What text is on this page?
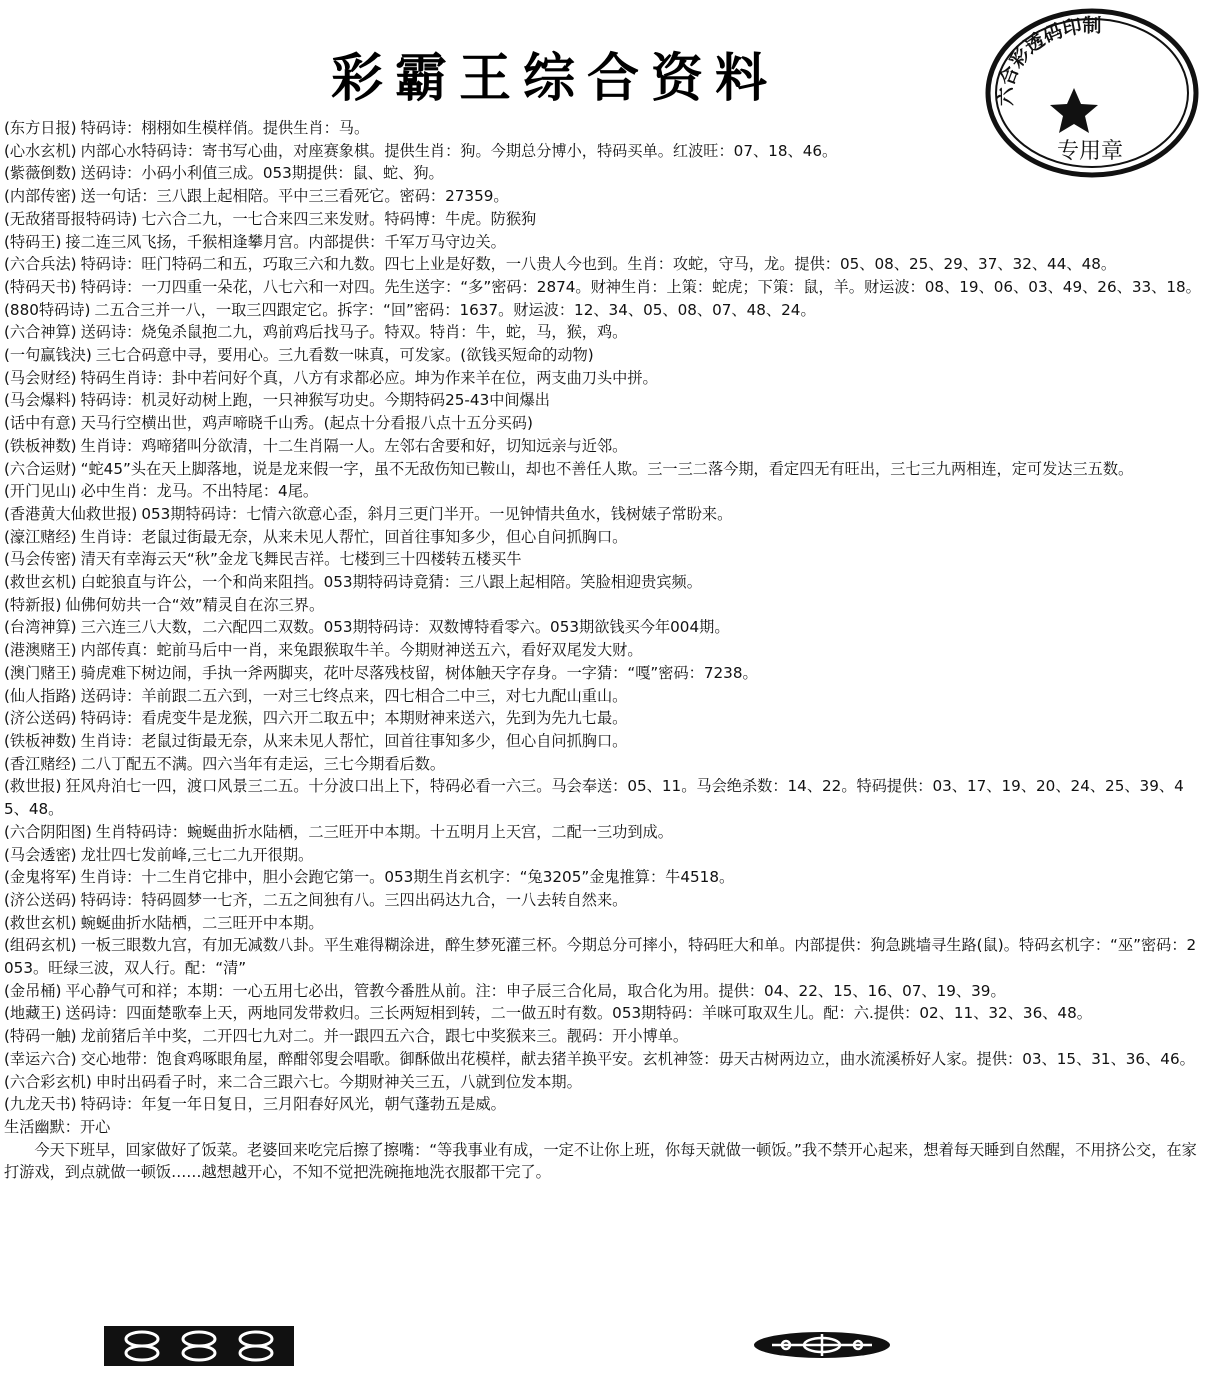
彩霸王综合资料	六合彩透码印制
专用章

(东方日报) 特码诗：栩栩如生模样俏。提供生肖：马。

(心水玄机) 内部心水特码诗：寄书写心曲，对座赛象棋。提供生肖：狗。今期总分博小，特码买单。红波旺：07、18、46。

(紫薇倒数) 送码诗：小码小利值三成。053期提供：鼠、蛇、狗。

(内部传密) 送一句话：三八跟上起相陪。平中三三看死它。密码：27359。

(无敌猪哥报特码诗) 七六合二九，一七合来四三来发财。特码博：牛虎。防猴狗

(特码王) 接二连三风飞扬，千猴相逢攀月宫。内部提供：千军万马守边关。

(六合兵法) 特码诗：旺门特码二和五，巧取三六和九数。四七上业是好数，一八贵人今也到。生肖：攻蛇，守马，龙。提供：05、08、25、29、37、32、44、48。

(特码天书) 特码诗：一刀四重一朵花，八七六和一对四。先生送字：“多”密码：2874。财神生肖：上策：蛇虎；下策：鼠，羊。财运波：08、19、06、03、49、26、33、18。

(880特码诗) 二五合三并一八，一取三四跟定它。拆字：“回”密码：1637。财运波：12、34、05、08、07、48、24。

(六合神算) 送码诗：烧兔杀鼠抱二九，鸡前鸡后找马子。特双。特肖：牛，蛇，马，猴，鸡。

(一句赢钱決) 三七合码意中寻，要用心。三九看数一味真，可发家。(欲钱买短命的动物)

(马会财经) 特码生肖诗：卦中若问好个真，八方有求都必应。坤为作来羊在位，两支曲刀头中拼。

(马会爆料) 特码诗：机灵好动树上跑，一只神猴写功史。今期特码25-43中间爆出

(话中有意) 天马行空横出世，鸡声啼晓千山秀。(起点十分看报八点十五分买码)

(铁板神数) 生肖诗：鸡啼猪叫分欲清，十二生肖隔一人。左邻右舍要和好，切知远亲与近邻。

(六合运财) “蛇45”头在天上脚落地，说是龙来假一字，虽不无敌伤知已鞍山，却也不善任人欺。三一三二落今期，看定四无有旺出，三七三九两相连，定可发达三五数。

(开门见山) 必中生肖：龙马。不出特尾：4尾。

(香港黄大仙救世报) 053期特码诗：七情六欲意心歪，斜月三更门半开。一见钟情共鱼水，钱树婊子常盼来。

(濠江赌经) 生肖诗：老鼠过街最无奈，从来未见人帮忙，回首往事知多少，但心自问抓胸口。

(马会传密) 清天有幸海云天“秋”金龙飞舞民吉祥。七楼到三十四楼转五楼买牛

(救世玄机) 白蛇狼直与许公，一个和尚来阻挡。053期特码诗竟猜：三八跟上起相陪。笑脸相迎贵宾频。

(特新报) 仙佛何妨共一合“效”精灵自在沵三界。

(台湾神算) 三六连三八大数，二六配四二双数。053期特码诗：双数博特看零六。053期欲钱买今年004期。

(港澳赌王) 内部传真：蛇前马后中一肖，来兔跟猴取牛羊。今期财神送五六，看好双尾发大财。

(澳门赌王) 骑虎难下树边闹，手执一斧两脚夹，花叶尽落残枝留，树体触天字存身。一字猜：“嘎”密码：7238。

(仙人指路) 送码诗：羊前跟二五六到，一对三七终点来，四七相合二中三，对七九配山重山。

(济公送码) 特码诗：看虎变牛是龙猴，四六开二取五中；本期财神来送六，先到为先九七最。

(铁板神数) 生肖诗：老鼠过街最无奈，从来未见人帮忙，回首往事知多少，但心自问抓胸口。

(香江赌经) 二八丁配五不满。四六当年有走运，三七今期看后数。

(救世报) 狂风舟泊七一四，渡口风景三二五。十分波口出上下，特码必看一六三。马会奉送：05、11。马会绝杀数：14、22。特码提供：03、17、19、20、24、25、39、45、48。

(六合阴阳图) 生肖特码诗：蜿蜒曲折水陆栖，二三旺开中本期。十五明月上天宫，二配一三功到成。

(马会透密) 龙壮四七发前峰,三七二九开很期。

(金鬼将军) 生肖诗：十二生肖它排中，胆小会跑它第一。053期生肖玄机字：“兔3205”金鬼推算：牛4518。

(济公送码) 特码诗：特码圆梦一七齐，二五之间独有八。三四出码达九合，一八去转自然来。

(救世玄机) 蜿蜒曲折水陆栖，二三旺开中本期。

(组码玄机) 一板三眼数九宫，有加无减数八卦。平生难得糊涂进，醉生梦死灌三杯。今期总分可摔小，特码旺大和单。内部提供：狗急跳墙寻生路(鼠)。特码玄机字：“巫”密码：2053。旺绿三波，双人行。配：“清”

(金吊桶) 平心静气可和祥；本期：一心五用七必出，管教今番胜从前。注：申子辰三合化局，取合化为用。提供：04、22、15、16、07、19、39。

(地藏王) 送码诗：四面楚歌奉上天，两地同发带救归。三长两短相到转，二一做五时有数。053期特码：羊咪可取双生儿。配：六.提供：02、11、32、36、48。

(特码一触) 龙前猪后羊中奖，二开四七九对二。并一跟四五六合，跟七中奖猴来三。靓码：开小博单。

(幸运六合) 交心地带：饱食鸡啄眼角屋，醉酣邻叟会唱歌。御酥做出花模样，献去猪羊换平安。玄机神签：毋天古树两边立，曲水流溪桥好人家。提供：03、15、31、36、46。

(六合彩玄机) 申时出码看子时，来二合三跟六七。今期财神关三五，八就到位发本期。

(九龙天书) 特码诗：年复一年日复日，三月阳春好风光，朝气蓬勃五是威。

生活幽默：开心

今天下班早，回家做好了饭菜。老婆回来吃完后擦了擦嘴：“等我事业有成，一定不让你上班，你每天就做一顿饭。”我不禁开心起来，想着每天睡到自然醒，不用挤公交，在家打游戏，到点就做一顿饭……越想越开心，不知不觉把洗碗拖地洗衣服都干完了。
